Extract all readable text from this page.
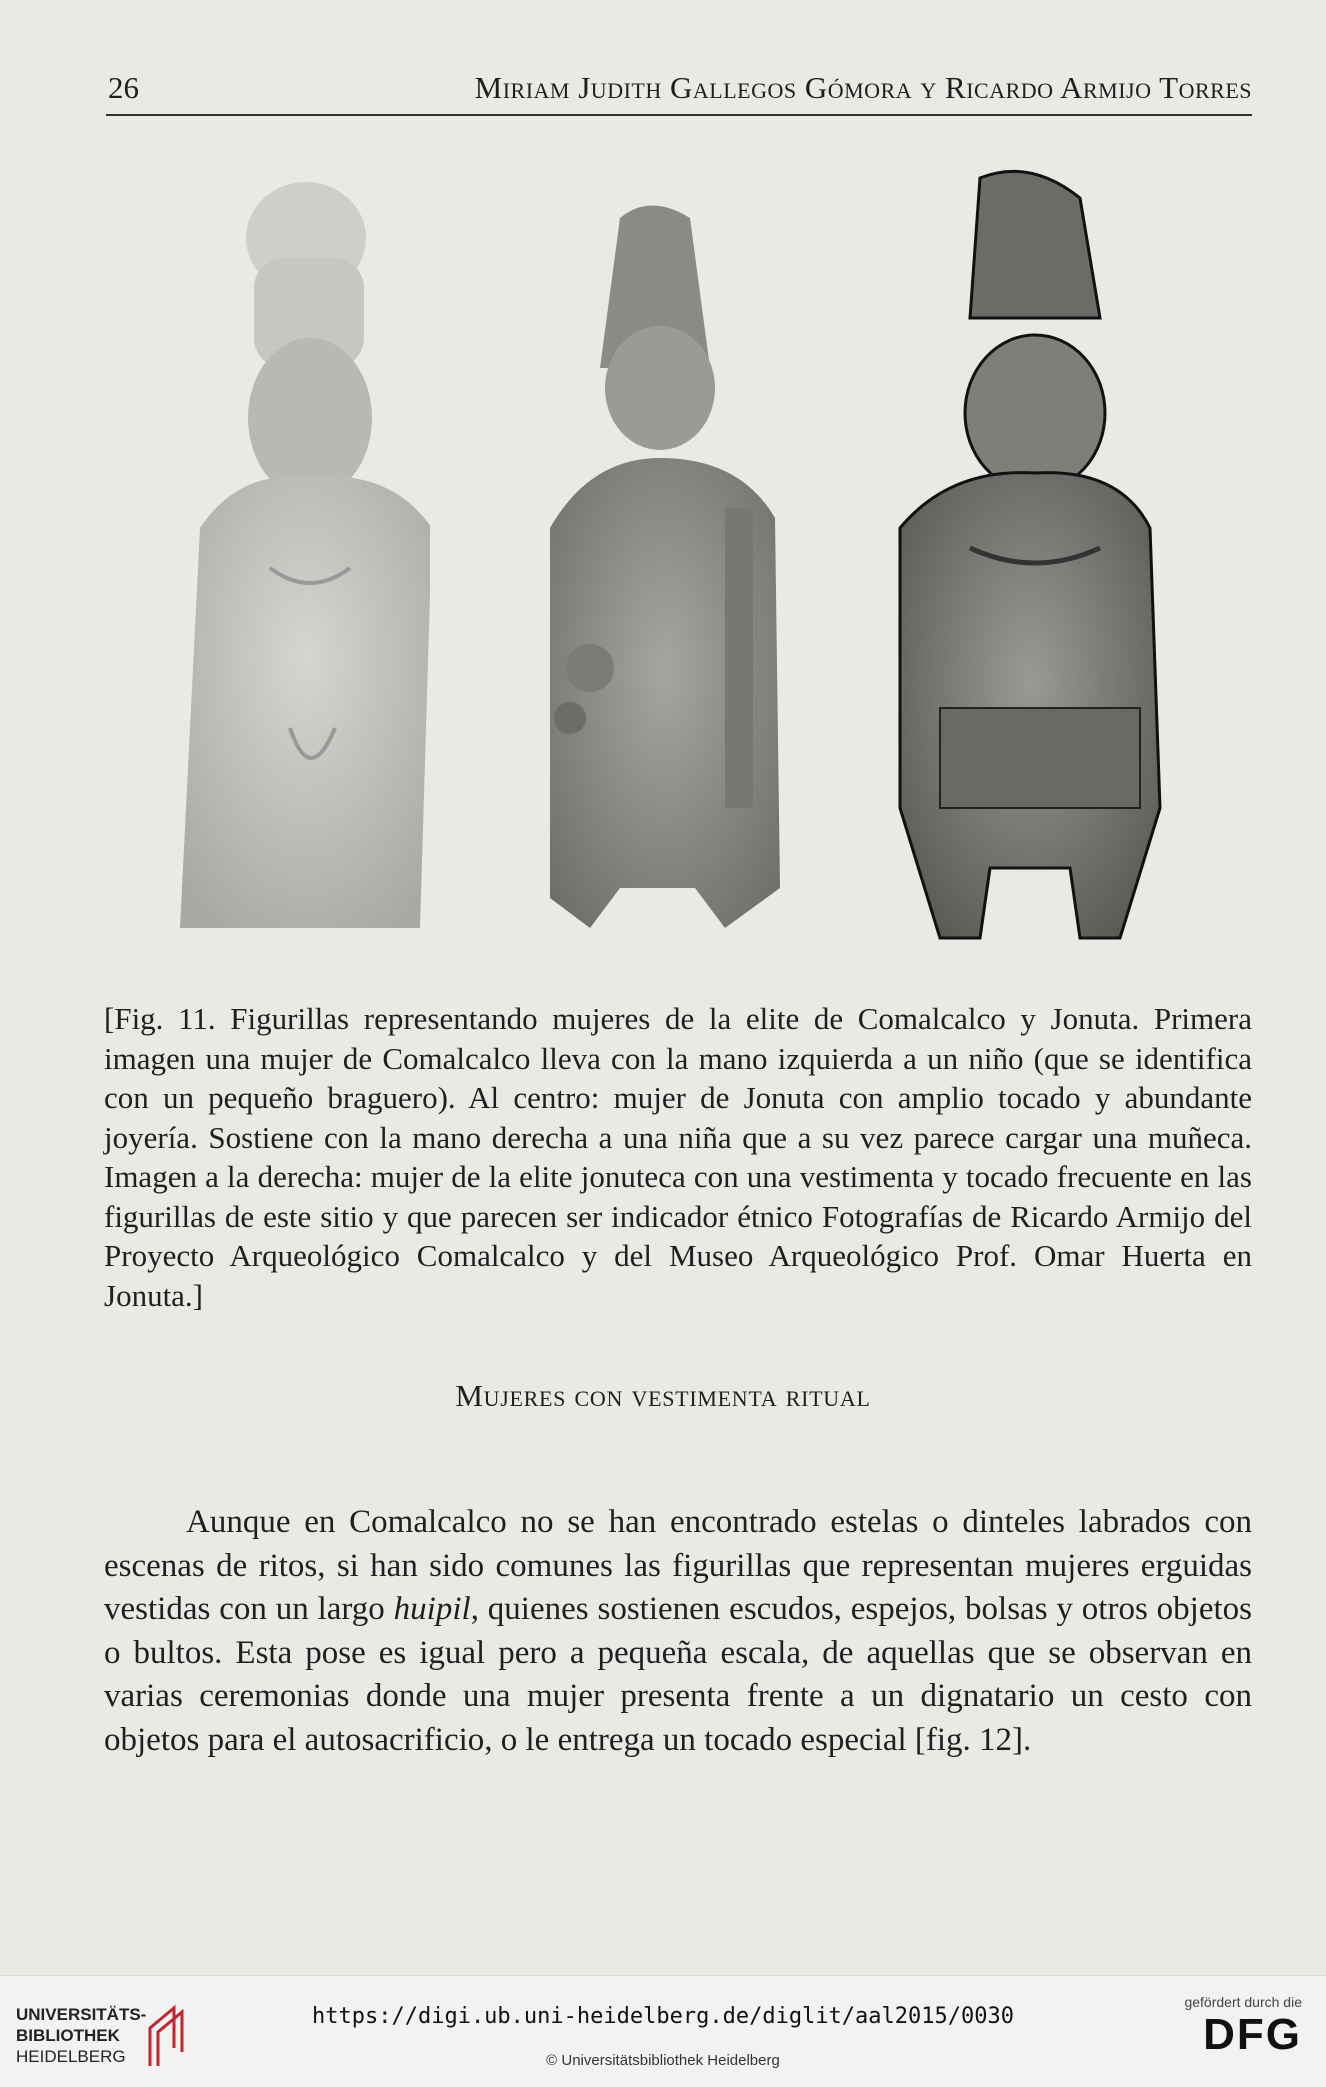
26	Miriam Judith Gallegos Gómora y Ricardo Armijo Torres

[Fig. 11. Figurillas representando mujeres de la elite de Comalcalco y Jonuta. Primera imagen una mujer de Comalcalco lleva con la mano izquierda a un niño (que se identifica con un pequeño braguero). Al centro: mujer de Jonuta con amplio tocado y abundante joyería. Sostiene con la mano derecha a una niña que a su vez parece cargar una muñeca. Imagen a la derecha: mujer de la elite jonuteca con una vestimenta y tocado frecuente en las figurillas de este sitio y que parecen ser indicador étnico Fotografías de Ricardo Armijo del Proyecto Arqueológico Comalcalco y del Museo Arqueológico Prof. Omar Huerta en Jonuta.]

Mujeres con vestimenta ritual

Aunque en Comalcalco no se han encontrado estelas o dinteles labrados con escenas de ritos, si han sido comunes las figurillas que representan mujeres erguidas vestidas con un largo huipil, quienes sostienen escudos, espejos, bolsas y otros objetos o bultos. Esta pose es igual pero a pequeña escala, de aquellas que se observan en varias ceremonias donde una mujer presenta frente a un dignatario un cesto con objetos para el autosacrificio, o le entrega un tocado especial [fig. 12].

UNIVERSITÄTS-
BIBLIOTHEK
HEIDELBERG
https://digi.ub.uni-heidelberg.de/diglit/aal2015/0030
© Universitätsbibliothek Heidelberg
gefördert durch die
DFG
